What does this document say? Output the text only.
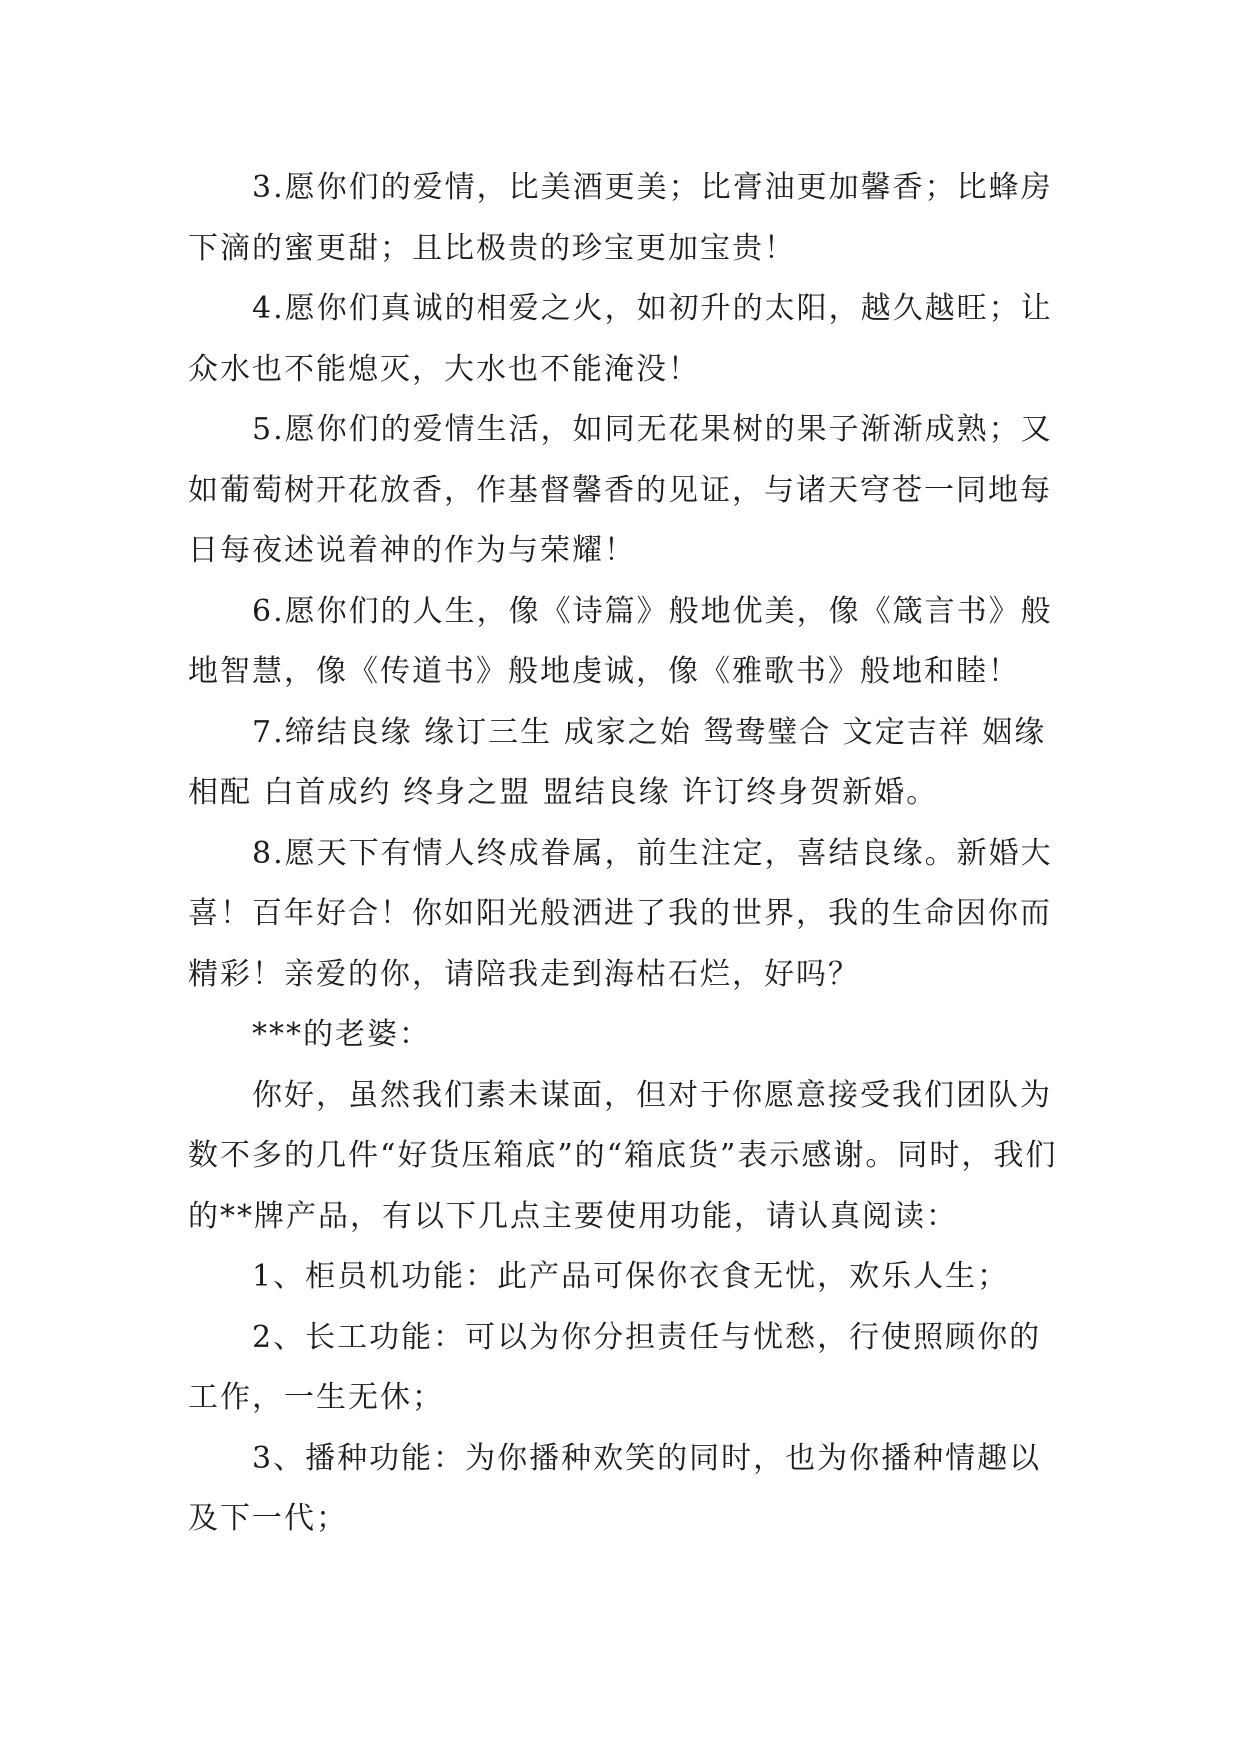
3.愿你们的爱情，比美酒更美；比膏油更加馨香；比蜂房下滴的蜜更甜；且比极贵的珍宝更加宝贵！

4.愿你们真诚的相爱之火，如初升的太阳，越久越旺；让众水也不能熄灭，大水也不能淹没！

5.愿你们的爱情生活，如同无花果树的果子渐渐成熟；又如葡萄树开花放香，作基督馨香的见证，与诸天穹苍一同地每日每夜述说着神的作为与荣耀！

6.愿你们的人生，像《诗篇》般地优美，像《箴言书》般地智慧，像《传道书》般地虔诚，像《雅歌书》般地和睦！

7.缔结良缘 缘订三生 成家之始 鸳鸯璧合 文定吉祥 姻缘相配 白首成约 终身之盟 盟结良缘 许订终身贺新婚。

8.愿天下有情人终成眷属，前生注定，喜结良缘。新婚大喜！百年好合！你如阳光般洒进了我的世界，我的生命因你而精彩！亲爱的你，请陪我走到海枯石烂，好吗？

***的老婆：

你好，虽然我们素未谋面，但对于你愿意接受我们团队为数不多的几件“好货压箱底”的“箱底货”表示感谢。同时，我们的**牌产品，有以下几点主要使用功能，请认真阅读：

1、柜员机功能：此产品可保你衣食无忧，欢乐人生；

2、长工功能：可以为你分担责任与忧愁，行使照顾你的工作，一生无休；

3、播种功能：为你播种欢笑的同时，也为你播种情趣以及下一代；
